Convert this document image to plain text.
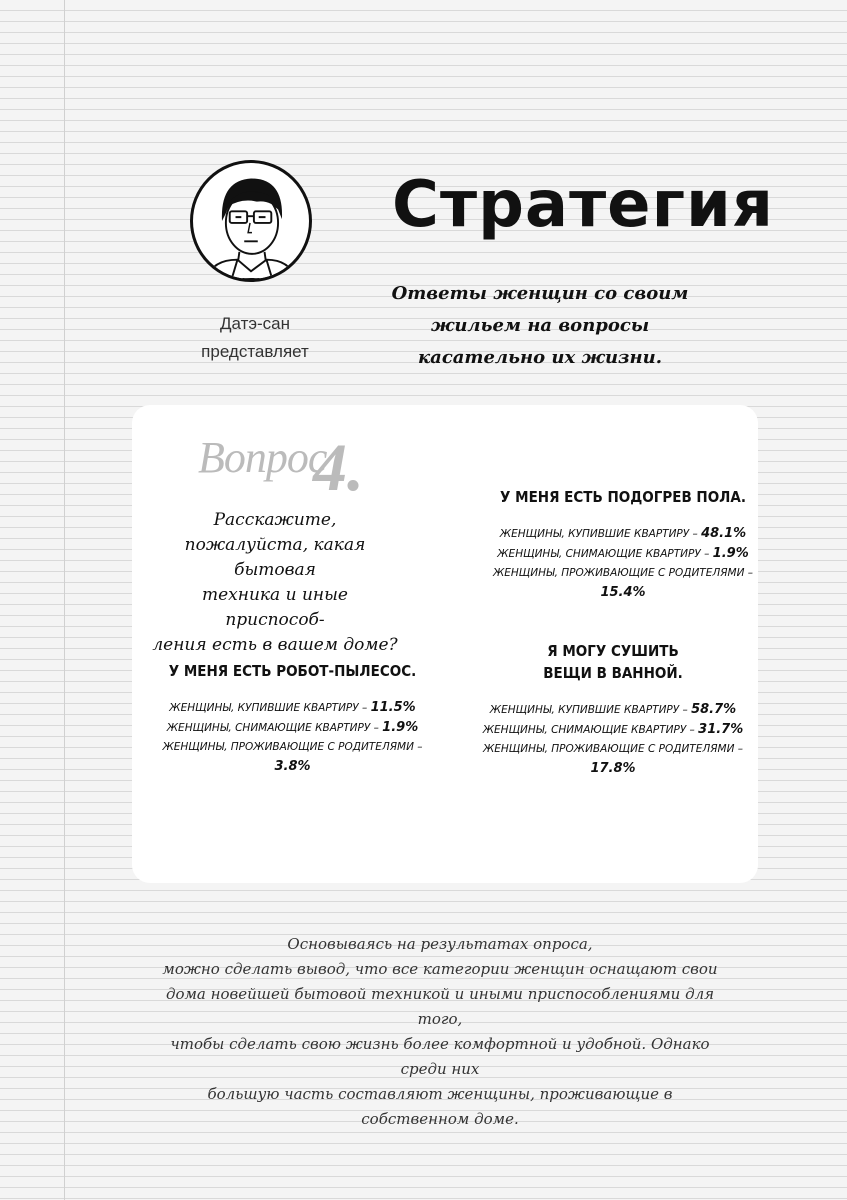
Датэ-сан
представляет
Стратегия
Ответы женщин со своим
жильем на вопросы
касательно их жизни.
Вопрос
4.
Расскажите,
пожалуйста, какая бытовая
техника и иные приспособ-
ления есть в вашем доме?
У МЕНЯ ЕСТЬ ПОДОГРЕВ ПОЛА.
ЖЕНЩИНЫ, КУПИВШИЕ КВАРТИРУ – 48.1%
ЖЕНЩИНЫ, СНИМАЮЩИЕ КВАРТИРУ – 1.9%
ЖЕНЩИНЫ, ПРОЖИВАЮЩИЕ С РОДИТЕЛЯМИ – 15.4%
У МЕНЯ ЕСТЬ РОБОТ-ПЫЛЕСОС.
ЖЕНЩИНЫ, КУПИВШИЕ КВАРТИРУ – 11.5%
ЖЕНЩИНЫ, СНИМАЮЩИЕ КВАРТИРУ – 1.9%
ЖЕНЩИНЫ, ПРОЖИВАЮЩИЕ С РОДИТЕЛЯМИ – 3.8%
Я МОГУ СУШИТЬ
ВЕЩИ В ВАННОЙ.
ЖЕНЩИНЫ, КУПИВШИЕ КВАРТИРУ – 58.7%
ЖЕНЩИНЫ, СНИМАЮЩИЕ КВАРТИРУ – 31.7%
ЖЕНЩИНЫ, ПРОЖИВАЮЩИЕ С РОДИТЕЛЯМИ – 17.8%
Основываясь на результатах опроса,
можно сделать вывод, что все категории женщин оснащают свои
дома новейшей бытовой техникой и иными приспособлениями для того,
чтобы сделать свою жизнь более комфортной и удобной. Однако среди них
большую часть составляют женщины, проживающие в собственном доме.
